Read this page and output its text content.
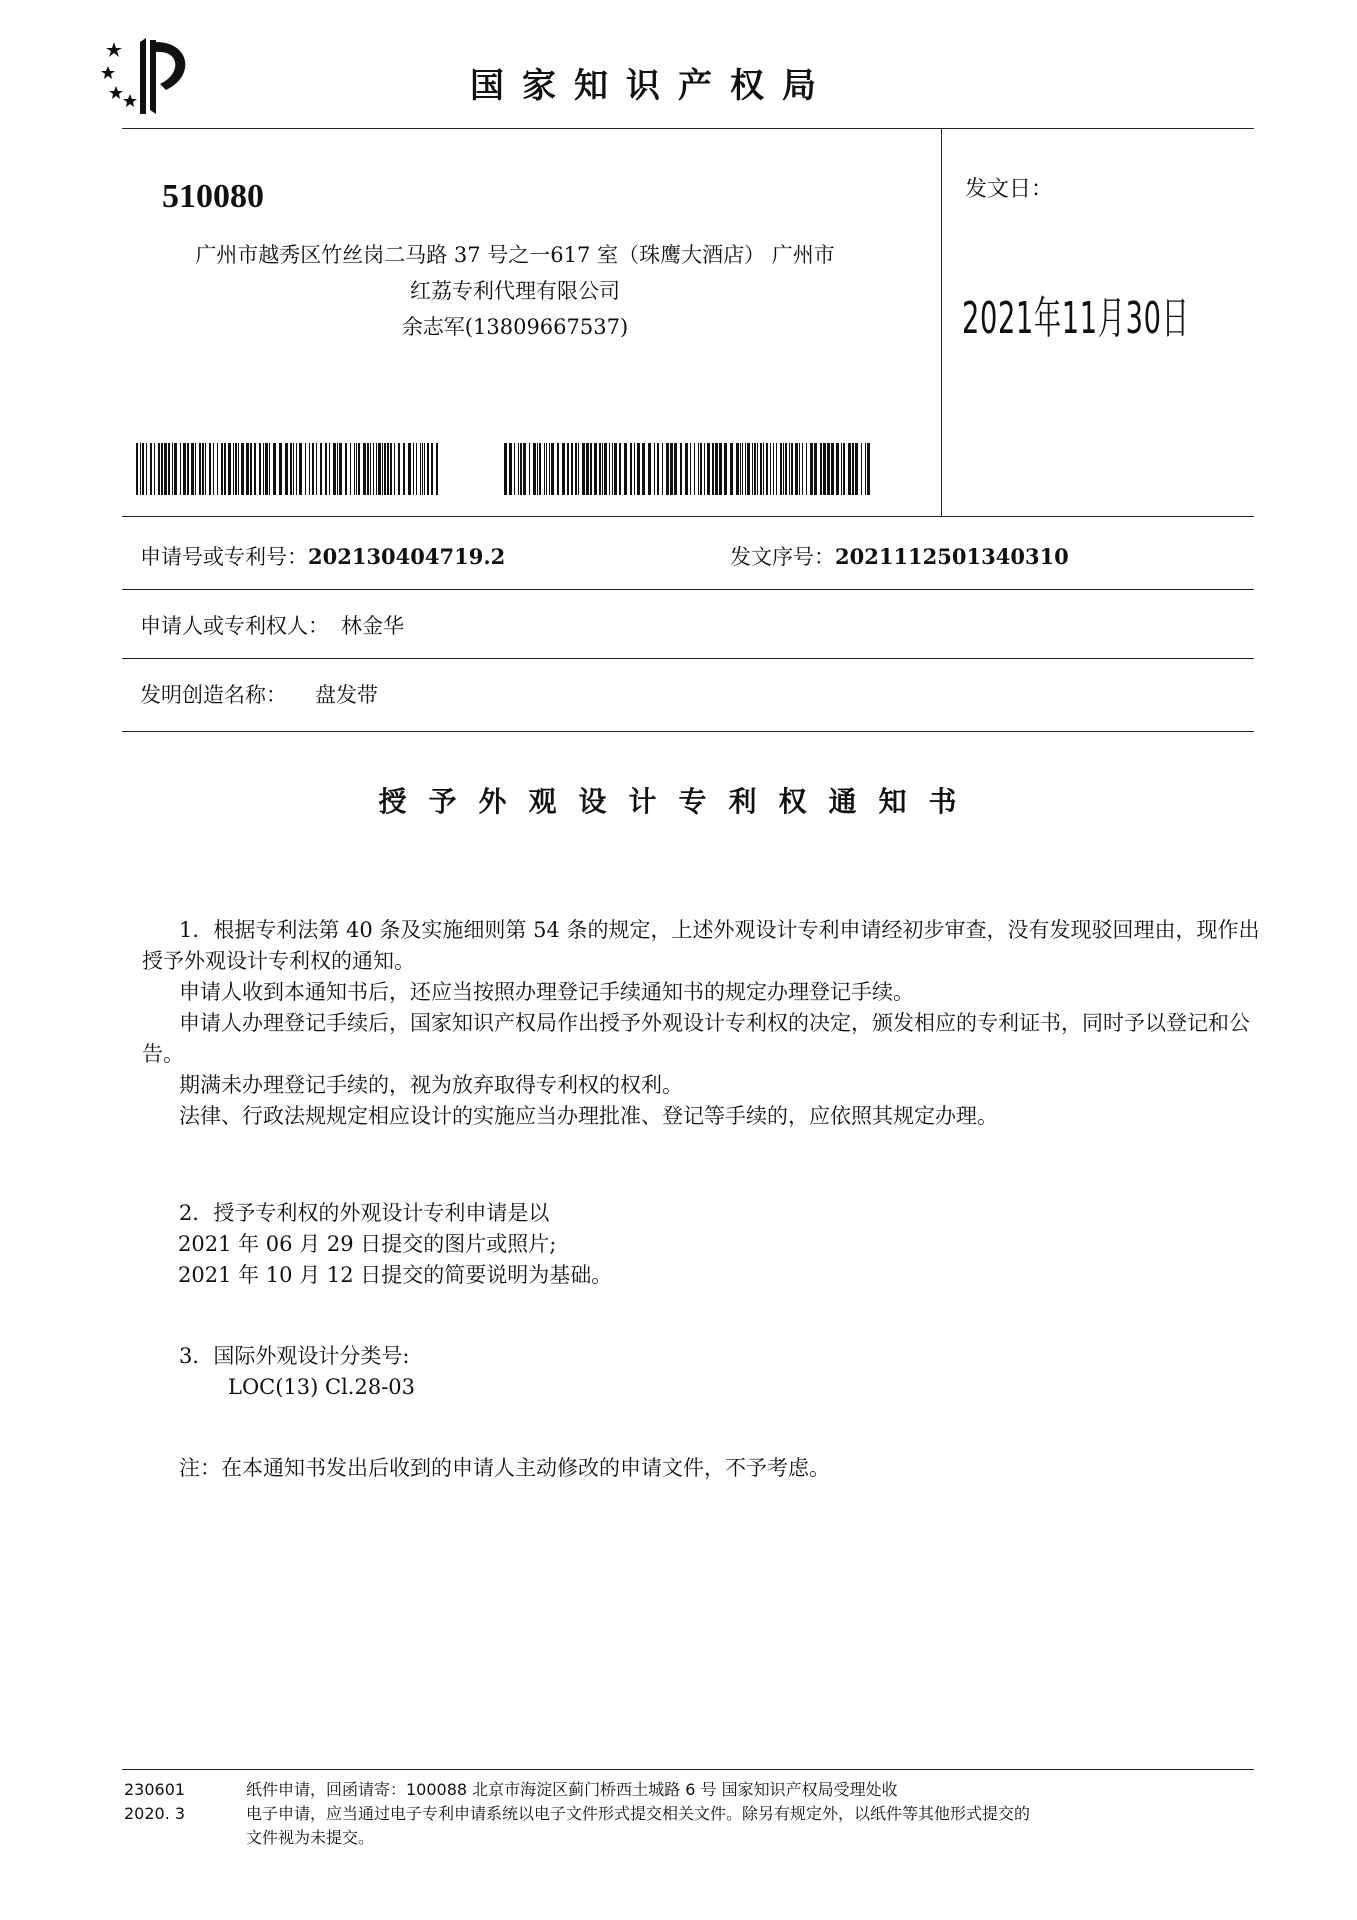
国家知识产权局
510080
广州市越秀区竹丝岗二马路 37 号之一617 室（珠鹰大酒店） 广州市
红荔专利代理有限公司
余志军(13809667537)
发文日：
2021年11月30日
申请号或专利号：202130404719.2	发文序号：2021112501340310
申请人或专利权人： 林金华
发明创造名称： 盘发带
授予外观设计专利权通知书

1．根据专利法第 40 条及实施细则第 54 条的规定，上述外观设计专利申请经初步审查，没有发现驳回理由，现作出授予外观设计专利权的通知。

申请人收到本通知书后，还应当按照办理登记手续通知书的规定办理登记手续。

申请人办理登记手续后，国家知识产权局作出授予外观设计专利权的决定，颁发相应的专利证书，同时予以登记和公告。

期满未办理登记手续的，视为放弃取得专利权的权利。

法律、行政法规规定相应设计的实施应当办理批准、登记等手续的，应依照其规定办理。

2．授予专利权的外观设计专利申请是以

2021 年 06 月 29 日提交的图片或照片;

2021 年 10 月 12 日提交的简要说明为基础。

3．国际外观设计分类号:

LOC(13) Cl.28-03

注：在本通知书发出后收到的申请人主动修改的申请文件，不予考虑。

230601
2020. 3
纸件申请，回函请寄：100088 北京市海淀区蓟门桥西土城路 6 号 国家知识产权局受理处收
电子申请，应当通过电子专利申请系统以电子文件形式提交相关文件。除另有规定外，以纸件等其他形式提交的
文件视为未提交。
